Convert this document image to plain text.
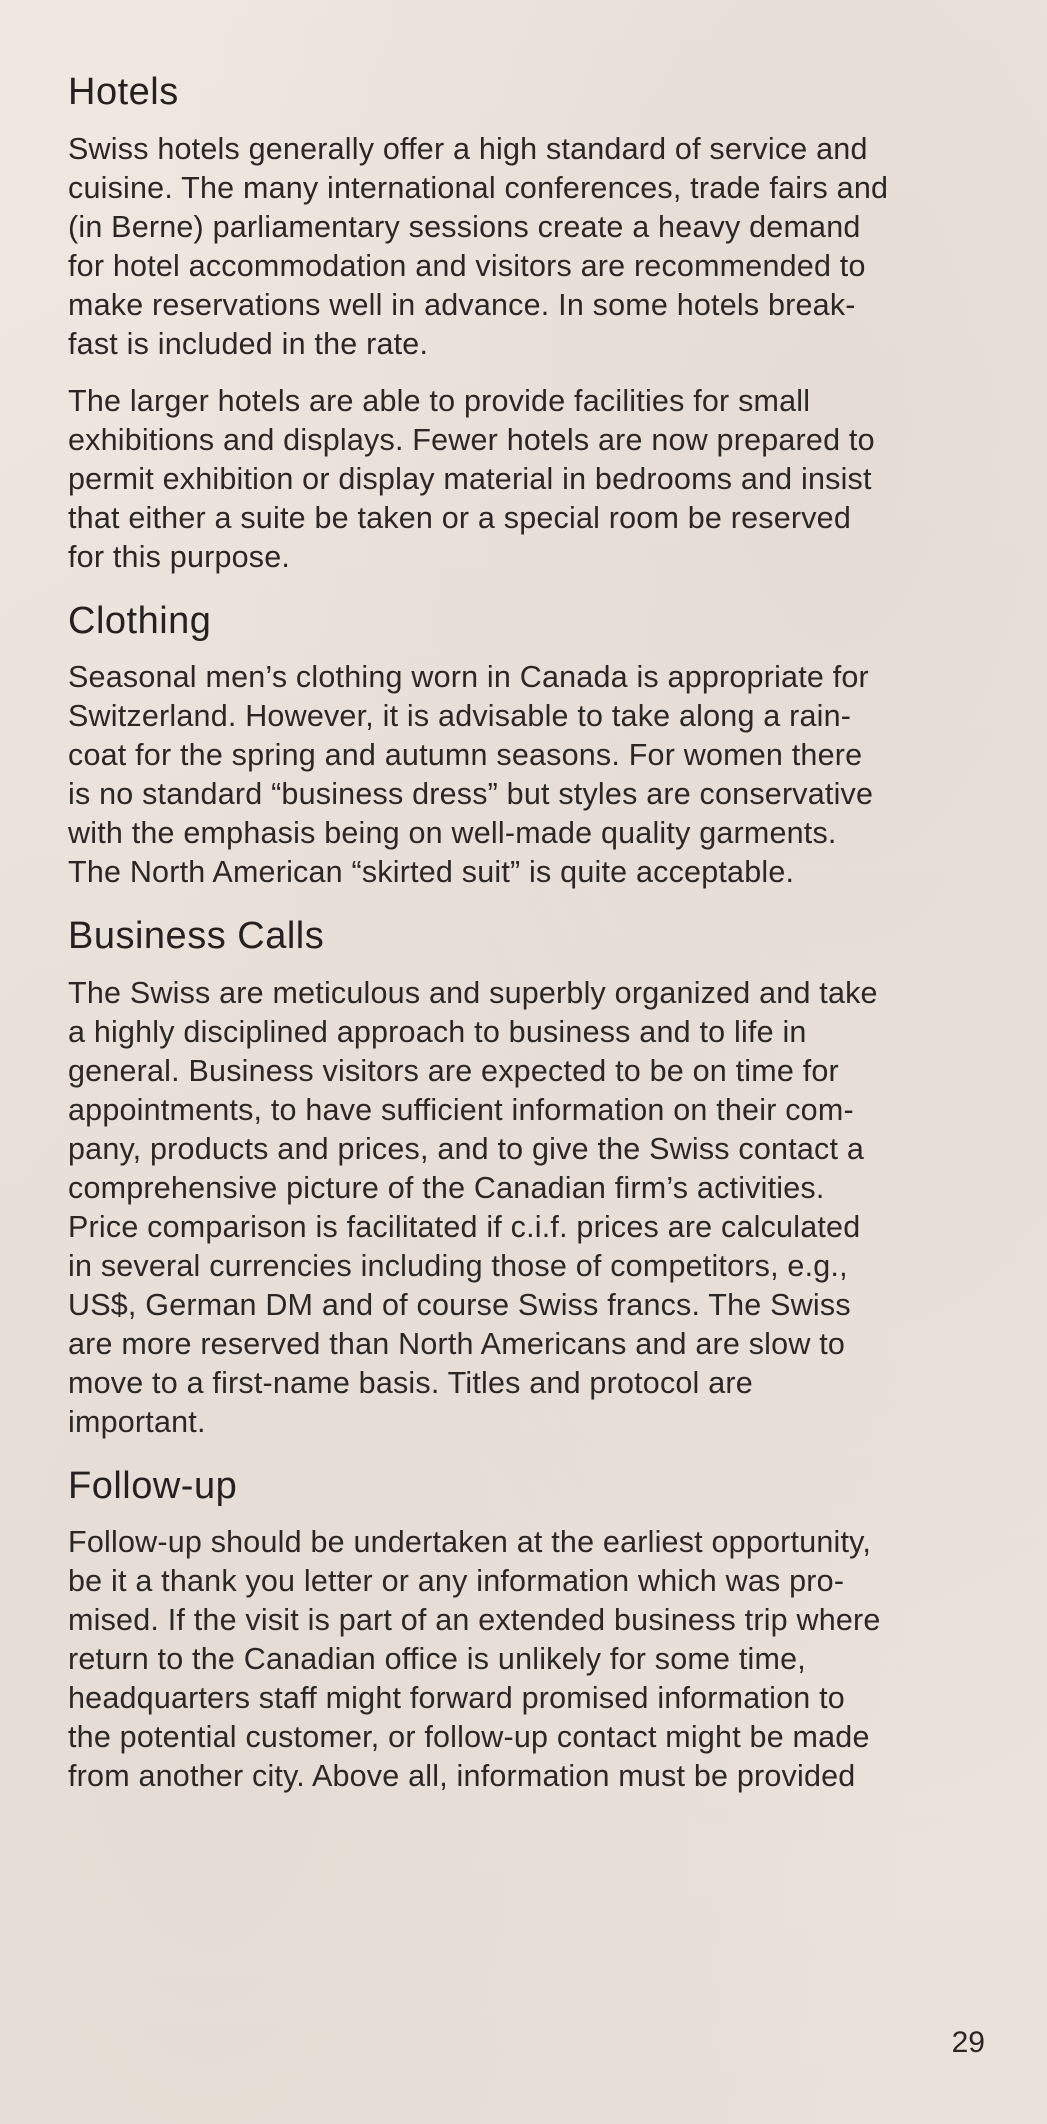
Hotels

Swiss hotels generally offer a high standard of service and
cuisine. The many international conferences, trade fairs and
(in Berne) parliamentary sessions create a heavy demand
for hotel accommodation and visitors are recommended to
make reservations well in advance. In some hotels break-
fast is included in the rate.

The larger hotels are able to provide facilities for small
exhibitions and displays. Fewer hotels are now prepared to
permit exhibition or display material in bedrooms and insist
that either a suite be taken or a special room be reserved
for this purpose.

Clothing

Seasonal men’s clothing worn in Canada is appropriate for
Switzerland. However, it is advisable to take along a rain-
coat for the spring and autumn seasons. For women there
is no standard “business dress” but styles are conservative
with the emphasis being on well-made quality garments.
The North American “skirted suit” is quite acceptable.

Business Calls

The Swiss are meticulous and superbly organized and take
a highly disciplined approach to business and to life in
general. Business visitors are expected to be on time for
appointments, to have sufficient information on their com-
pany, products and prices, and to give the Swiss contact a
comprehensive picture of the Canadian firm’s activities.
Price comparison is facilitated if c.i.f. prices are calculated
in several currencies including those of competitors, e.g.,
US$, German DM and of course Swiss francs. The Swiss
are more reserved than North Americans and are slow to
move to a first-name basis. Titles and protocol are
important.

Follow-up

Follow-up should be undertaken at the earliest opportunity,
be it a thank you letter or any information which was pro-
mised. If the visit is part of an extended business trip where
return to the Canadian office is unlikely for some time,
headquarters staff might forward promised information to
the potential customer, or follow-up contact might be made
from another city. Above all, information must be provided

29
